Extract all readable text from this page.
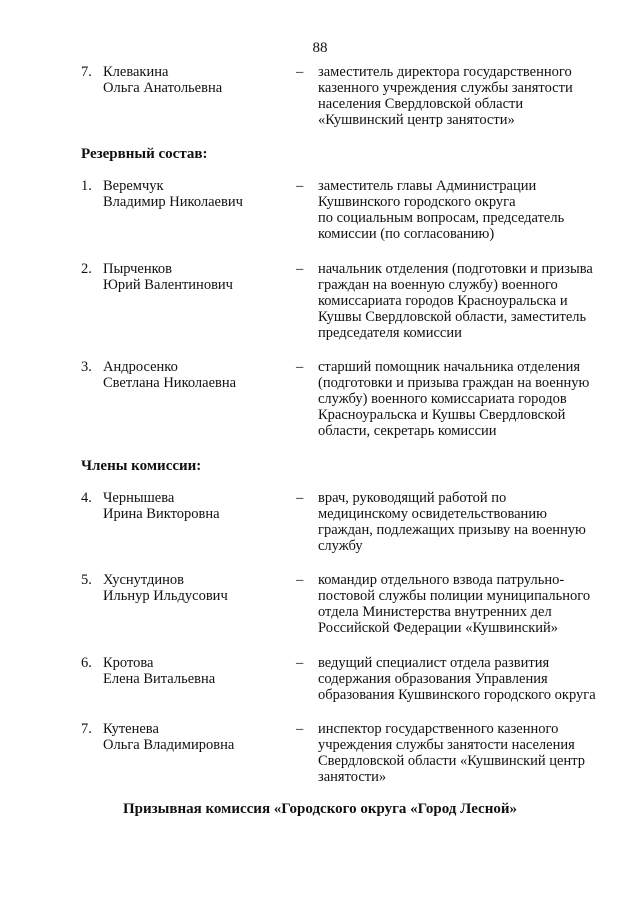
88
7. Клевакина
Ольга Анатольевна
– заместитель директора государственного
казенного учреждения службы занятости
населения Свердловской области
«Кушвинский центр занятости»
Резервный состав:
1. Веремчук
Владимир Николаевич
– заместитель главы Администрации
Кушвинского городского округа
по социальным вопросам, председатель
комиссии (по согласованию)
2. Пырченков
Юрий Валентинович
– начальник отделения (подготовки и призыва
граждан на военную службу) военного
комиссариата городов Красноуральска и
Кушвы Свердловской области, заместитель
председателя комиссии
3. Андросенко
Светлана Николаевна
– старший помощник начальника отделения
(подготовки и призыва граждан на военную
службу) военного комиссариата городов
Красноуральска и Кушвы Свердловской
области, секретарь комиссии
Члены комиссии:
4. Чернышева
Ирина Викторовна
– врач, руководящий работой по
медицинскому освидетельствованию
граждан, подлежащих призыву на военную
службу
5. Хуснутдинов
Ильнур Ильдусович
– командир отдельного взвода патрульно-
постовой службы полиции муниципального
отдела Министерства внутренних дел
Российской Федерации «Кушвинский»
6. Кротова
Елена Витальевна
– ведущий специалист отдела развития
содержания образования Управления
образования Кушвинского городского округа
7. Кутенева
Ольга Владимировна
– инспектор государственного казенного
учреждения службы занятости населения
Свердловской области «Кушвинский центр
занятости»
Призывная комиссия «Городского округа «Город Лесной»
